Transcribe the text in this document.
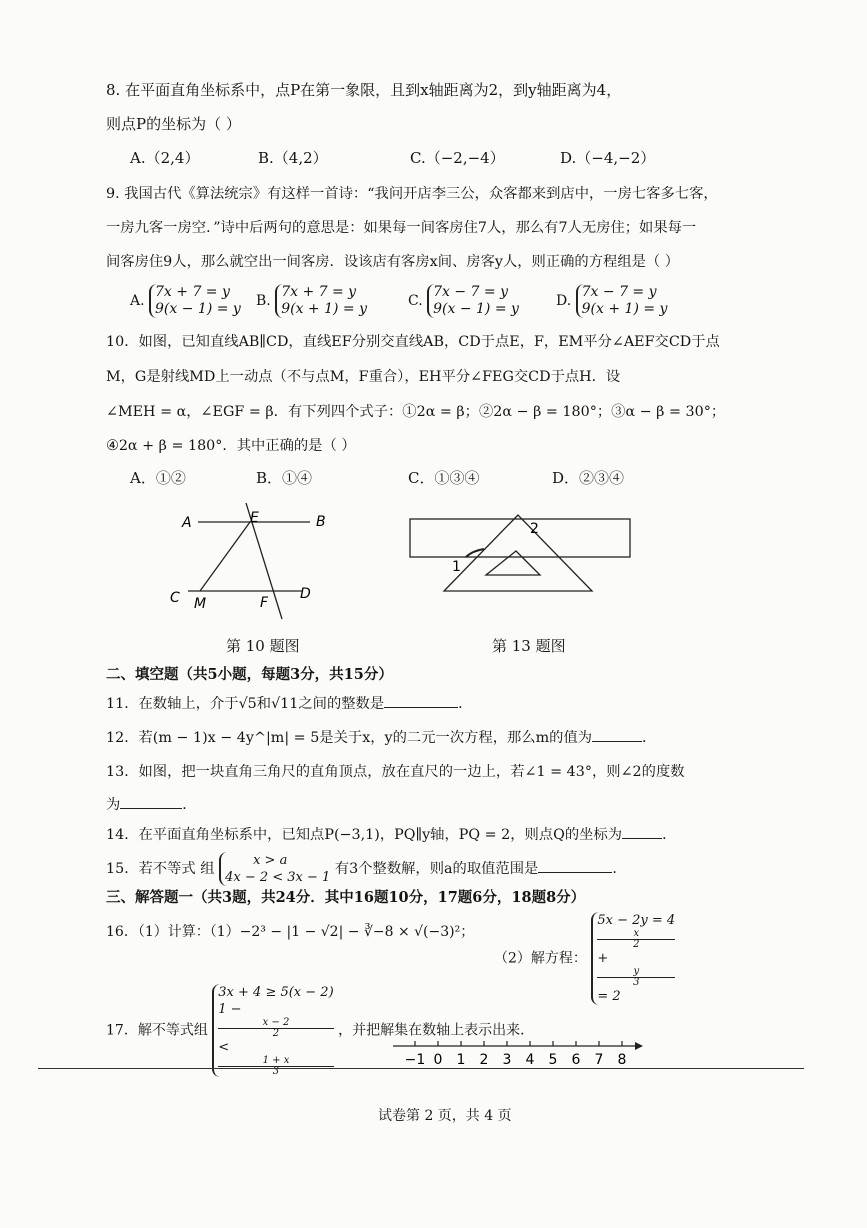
8. 在平面直角坐标系中，点P在第一象限，且到x轴距离为2，到y轴距离为4，
则点P的坐标为（ ）
A.（2,4）	B.（4,2）	C.（−2,−4）	D.（−4,−2）
9. 我国古代《算法统宗》有这样一首诗：“我问开店李三公，众客都来到店中，一房七客多七客，
一房九客一房空．”诗中后两句的意思是：如果每一间客房住7人，那么有7人无房住；如果每一
间客房住9人，那么就空出一间客房．设该店有客房x间、房客y人，则正确的方程组是（ ）
A.
7x + 7 = y
9(x − 1) = y B.
7x + 7 = y
9(x + 1) = y	C.
7x − 7 = y
9(x − 1) = y	D.
7x − 7 = y
9(x + 1) = y
10．如图，已知直线AB∥CD，直线EF分别交直线AB，CD于点E，F，EM平分∠AEF交CD于点
M，G是射线MD上一动点（不与点M，F重合），EH平分∠FEG交CD于点H．设
∠MEH = α，∠EGF = β．有下列四个式子：①2α = β；②2α − β = 180°；③α − β = 30°；
④2α + β = 180°．其中正确的是（ ）
A．①②	B．①④	C．①③④	D．②③④
A	E	B
C M	F
D
第 10 题图
1
2
第 13 题图
二、填空题（共5小题，每题3分，共15分）
11．在数轴上，介于√5和√11之间的整数是	．
12．若(m − 1)x − 4y^|m| = 5是关于x，y的二元一次方程，那么m的值为	．
13．如图，把一块直角三角尺的直角顶点，放在直尺的一边上，若∠1 = 43°，则∠2的度数
为	．
14．在平面直角坐标系中，已知点P(−3,1)，PQ∥y轴，PQ = 2，则点Q的坐标为	．
15．若不等式 组
x > a
4x − 2 < 3x − 1
有3个整数解，则a的取值范围是	．
三、解答题一（共3题，共24分．其中16题10分，17题6分，18题8分）
16．（1）计算：（1）−2³ − |1 − √2| − ∛−8 × √(−3)²；
（2）解方程：
5x − 2y = 4
x
2
+
y
3
= 2
17．解不等式组
3x + 4 ≥ 5(x − 2)
1 −
x − 2
2
<
1 + x
3
，并把解集在数轴上表示出来．
−1 0 1 2 3 4 5 6 7 8
试卷第 2 页，共 4 页
